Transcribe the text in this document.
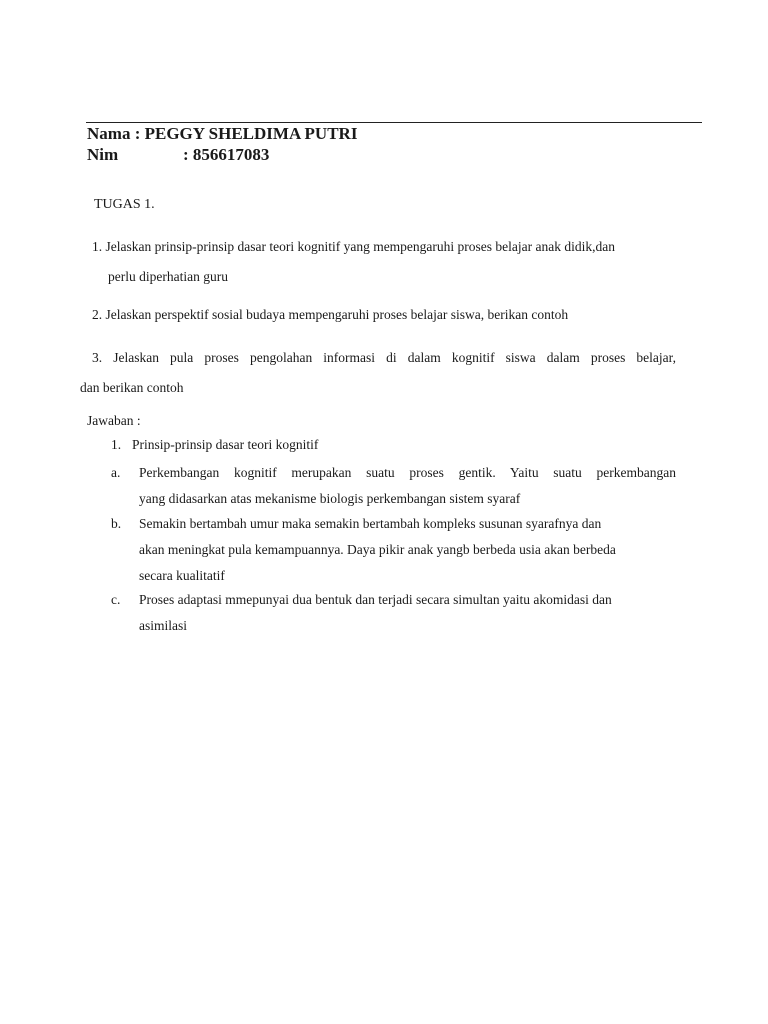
Nama : PEGGY SHELDIMA PUTRI
Nim	: 856617083
TUGAS 1.
1. Jelaskan prinsip-prinsip dasar teori kognitif yang mempengaruhi proses belajar anak didik,dan
perlu diperhatian guru
2. Jelaskan perspektif sosial budaya mempengaruhi proses belajar siswa, berikan contoh
3. Jelaskan pula proses pengolahan informasi di dalam kognitif siswa dalam proses belajar,
dan berikan contoh
Jawaban :
1. Prinsip-prinsip dasar teori kognitif
a. Perkembangan kognitif merupakan suatu proses gentik. Yaitu suatu perkembangan
yang didasarkan atas mekanisme biologis perkembangan sistem syaraf
b. Semakin bertambah umur maka semakin bertambah kompleks susunan syarafnya dan
akan meningkat pula kemampuannya. Daya pikir anak yangb berbeda usia akan berbeda
secara kualitatif
c. Proses adaptasi mmepunyai dua bentuk dan terjadi secara simultan yaitu akomidasi dan
asimilasi
